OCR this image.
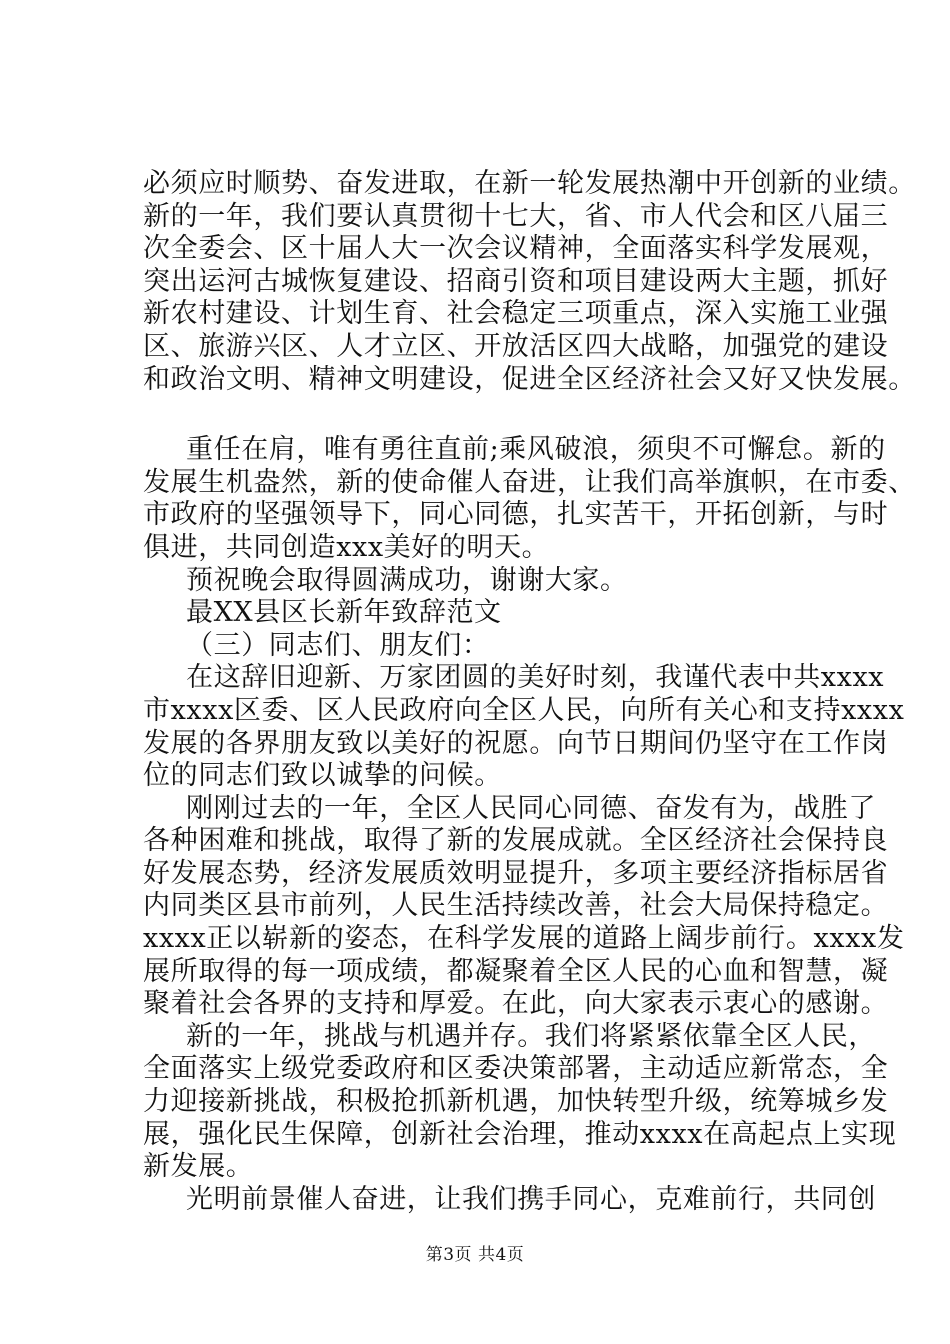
必须应时顺势、奋发进取，在新一轮发展热潮中开创新的业绩。
新的一年，我们要认真贯彻十七大，省、市人代会和区八届三
次全委会、区十届人大一次会议精神，全面落实科学发展观，
突出运河古城恢复建设、招商引资和项目建设两大主题，抓好
新农村建设、计划生育、社会稳定三项重点，深入实施工业强
区、旅游兴区、人才立区、开放活区四大战略，加强党的建设
和政治文明、精神文明建设，促进全区经济社会又好又快发展。
重任在肩，唯有勇往直前;乘风破浪，须臾不可懈怠。新的
发展生机盎然，新的使命催人奋进，让我们高举旗帜，在市委、
市政府的坚强领导下，同心同德，扎实苦干，开拓创新，与时
俱进，共同创造xxx美好的明天。
预祝晚会取得圆满成功，谢谢大家。
最XX县区长新年致辞范文
（三）同志们、朋友们：
在这辞旧迎新、万家团圆的美好时刻，我谨代表中共xxxx
市xxxx区委、区人民政府向全区人民，向所有关心和支持xxxx
发展的各界朋友致以美好的祝愿。向节日期间仍坚守在工作岗
位的同志们致以诚挚的问候。
刚刚过去的一年，全区人民同心同德、奋发有为，战胜了
各种困难和挑战，取得了新的发展成就。全区经济社会保持良
好发展态势，经济发展质效明显提升，多项主要经济指标居省
内同类区县市前列，人民生活持续改善，社会大局保持稳定。
xxxx正以崭新的姿态，在科学发展的道路上阔步前行。xxxx发
展所取得的每一项成绩，都凝聚着全区人民的心血和智慧，凝
聚着社会各界的支持和厚爱。在此，向大家表示衷心的感谢。
新的一年，挑战与机遇并存。我们将紧紧依靠全区人民，
全面落实上级党委政府和区委决策部署，主动适应新常态，全
力迎接新挑战，积极抢抓新机遇，加快转型升级，统筹城乡发
展，强化民生保障，创新社会治理，推动xxxx在高起点上实现
新发展。
光明前景催人奋进，让我们携手同心，克难前行，共同创
第3页 共4页
